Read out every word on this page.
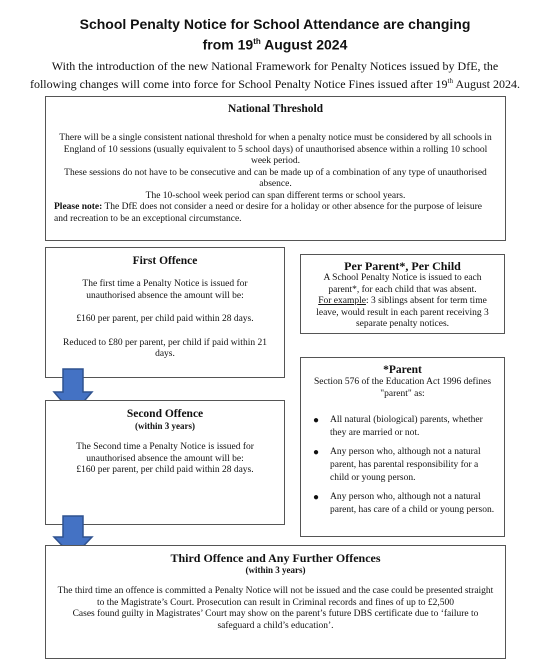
School Penalty Notice for School Attendance are changing
from 19th August 2024
With the introduction of the new National Framework for Penalty Notices issued by DfE, the following changes will come into force for School Penalty Notice Fines issued after 19th August 2024.
National Threshold

There will be a single consistent national threshold for when a penalty notice must be considered by all schools in England of 10 sessions (usually equivalent to 5 school days) of unauthorised absence within a rolling 10 school week period.

These sessions do not have to be consecutive and can be made up of a combination of any type of unauthorised absence.

The 10-school week period can span different terms or school years.

Please note: The DfE does not consider a need or desire for a holiday or other absence for the purpose of leisure and recreation to be an exceptional circumstance.

First Offence

The first time a Penalty Notice is issued for unauthorised absence the amount will be:

£160 per parent, per child paid within 28 days.

Reduced to £80 per parent, per child if paid within 21 days.

Second Offence
(within 3 years)

The Second time a Penalty Notice is issued for unauthorised absence the amount will be:

£160 per parent, per child paid within 28 days.

Per Parent*, Per Child

A School Penalty Notice is issued to each parent*, for each child that was absent.

For example: 3 siblings absent for term time leave, would result in each parent receiving 3 separate penalty notices.

*Parent

Section 576 of the Education Act 1996 defines "parent" as:

● All natural (biological) parents, whether they are married or not.
● Any person who, although not a natural parent, has parental responsibility for a child or young person.
● Any person who, although not a natural parent, has care of a child or young person.
Third Offence and Any Further Offences
(within 3 years)

The third time an offence is committed a Penalty Notice will not be issued and the case could be presented straight to the Magistrate’s Court. Prosecution can result in Criminal records and fines of up to £2,500

Cases found guilty in Magistrates’ Court may show on the parent’s future DBS certificate due to ‘failure to safeguard a child’s education’.
